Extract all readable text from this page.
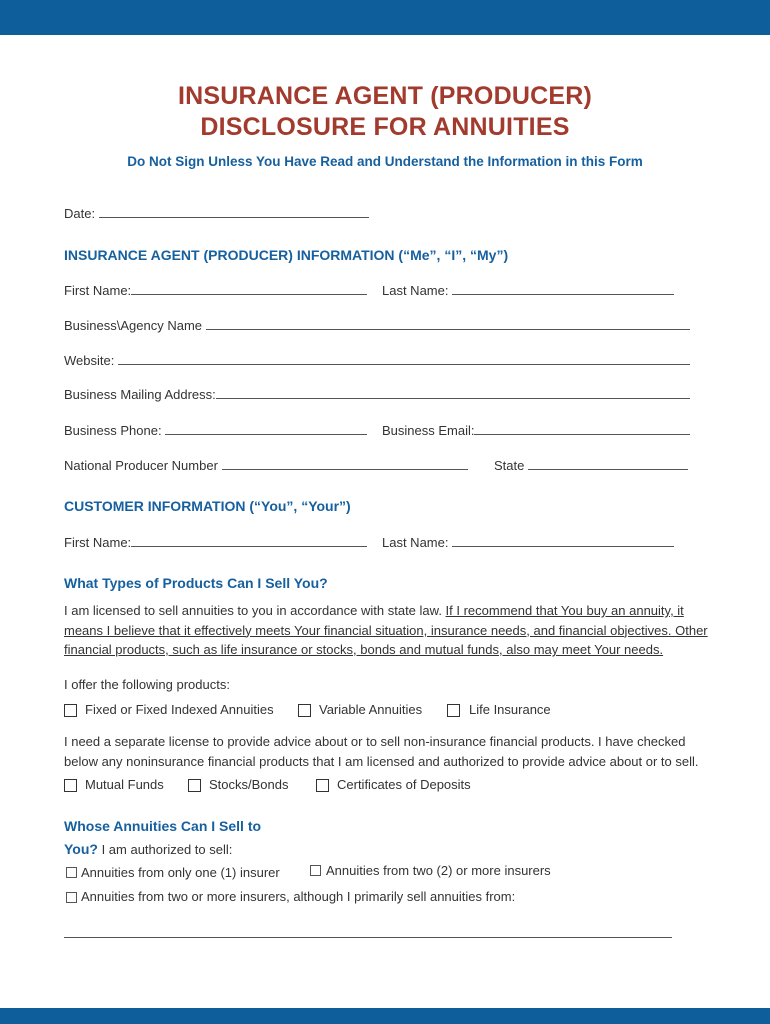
INSURANCE AGENT (PRODUCER)
DISCLOSURE FOR ANNUITIES
Do Not Sign Unless You Have Read and Understand the Information in this Form
Date:
INSURANCE AGENT (PRODUCER) INFORMATION (“Me”, “I”, “My”)
First Name:	Last Name:
Business\Agency Name
Website:
Business Mailing Address:
Business Phone:	Business Email:
National Producer Number	State
CUSTOMER INFORMATION (“You”, “Your”)
First Name:	Last Name:
What Types of Products Can I Sell You?
I am licensed to sell annuities to you in accordance with state law. If I recommend that You buy an annuity, it means I believe that it effectively meets Your financial situation, insurance needs, and financial objectives. Other financial products, such as life insurance or stocks, bonds and mutual funds, also may meet Your needs.
I offer the following products:
Fixed or Fixed Indexed Annuities	Variable Annuities	Life Insurance
I need a separate license to provide advice about or to sell non-insurance financial products. I have checked below any noninsurance financial products that I am licensed and authorized to provide advice about or to sell.
Mutual Funds	Stocks/Bonds	Certificates of Deposits
Whose Annuities Can I Sell to
You? I am authorized to sell:
Annuities from only one (1) insurer	Annuities from two (2) or more insurers
Annuities from two or more insurers, although I primarily sell annuities from:
